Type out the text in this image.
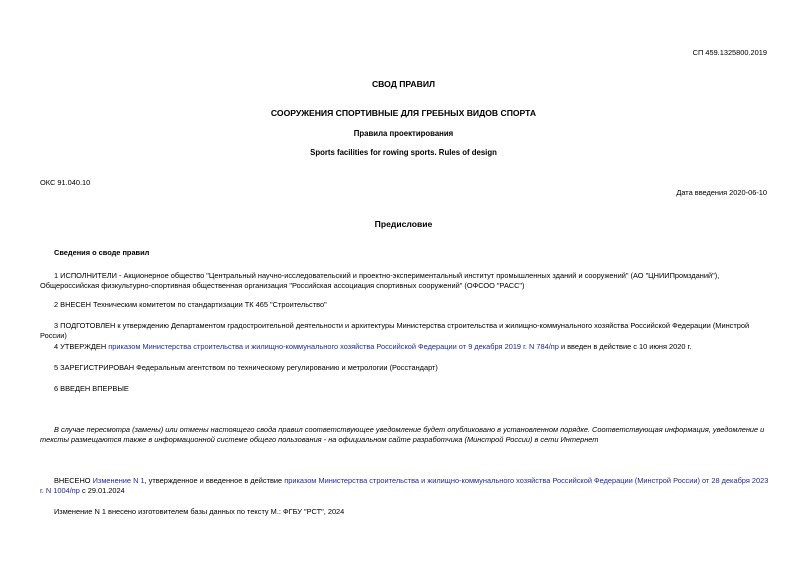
СП 459.1325800.2019
СВОД ПРАВИЛ
СООРУЖЕНИЯ СПОРТИВНЫЕ ДЛЯ ГРЕБНЫХ ВИДОВ СПОРТА
Правила проектирования
Sports facilities for rowing sports. Rules of design
ОКС 91.040.10
Дата введения 2020-06-10
Предисловие
Сведения о своде правил
1 ИСПОЛНИТЕЛИ - Акционерное общество "Центральный научно-исследовательский и проектно-экспериментальный институт промышленных зданий и сооружений" (АО "ЦНИИПромзданий"), Общероссийская физкультурно-спортивная общественная организация "Российская ассоциация спортивных сооружений" (ОФСОО "РАСС")
2 ВНЕСЕН Техническим комитетом по стандартизации ТК 465 "Строительство"
3 ПОДГОТОВЛЕН к утверждению Департаментом градостроительной деятельности и архитектуры Министерства строительства и жилищно-коммунального хозяйства Российской Федерации (Минстрой России)
4 УТВЕРЖДЕН приказом Министерства строительства и жилищно-коммунального хозяйства Российской Федерации от 9 декабря 2019 г. N 784/пр и введен в действие с 10 июня 2020 г.
5 ЗАРЕГИСТРИРОВАН Федеральным агентством по техническому регулированию и метрологии (Росстандарт)
6 ВВЕДЕН ВПЕРВЫЕ
В случае пересмотра (замены) или отмены настоящего свода правил соответствующее уведомление будет опубликовано в установленном порядке. Соответствующая информация, уведомление и тексты размещаются также в информационной системе общего пользования - на официальном сайте разработчика (Минстрой России) в сети Интернет
ВНЕСЕНО Изменение N 1, утвержденное и введенное в действие приказом Министерства строительства и жилищно-коммунального хозяйства Российской Федерации (Минстрой России) от 28 декабря 2023 г. N 1004/пр с 29.01.2024
Изменение N 1 внесено изготовителем базы данных по тексту М.: ФГБУ "РСТ", 2024
